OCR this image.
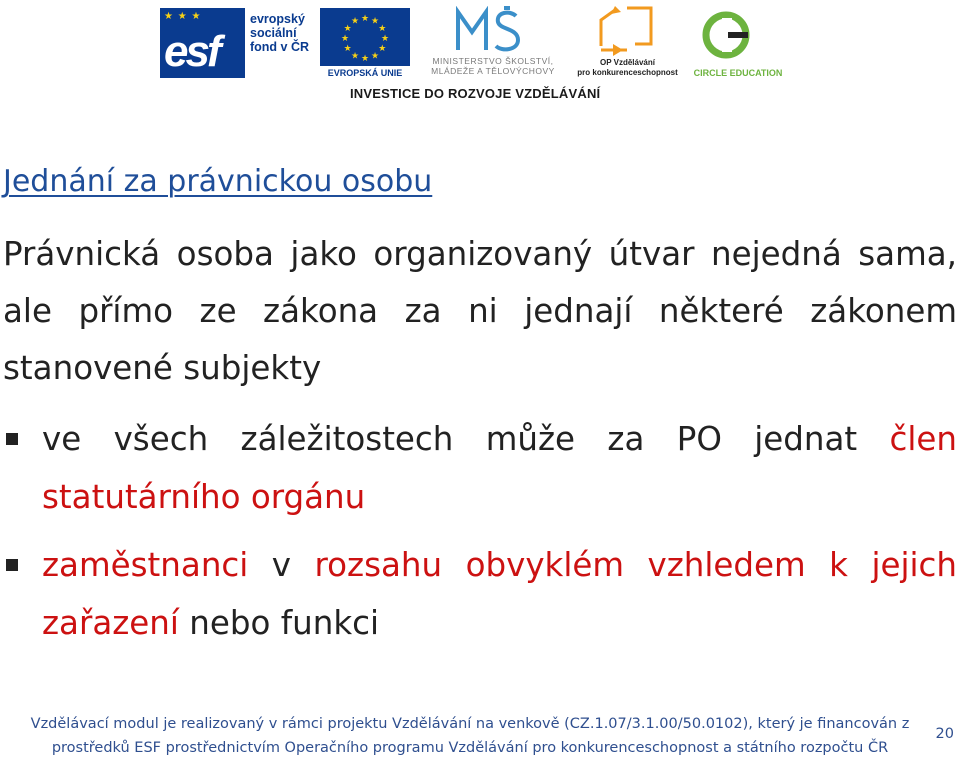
★ ★ ★
esf
evropský
sociální
fond v ČR
★ ★
★
★
★
★
★
★
★
★
★
★
EVROPSKÁ UNIE
MINISTERSTVO ŠKOLSTVÍ,
MLÁDEŽE A TĚLOVÝCHOVY
OP Vzdělávání
pro konkurenceschopnost	CIRCLE EDUCATION
INVESTICE DO ROZVOJE VZDĚLÁVÁNÍ
Jednání za právnickou osobu

Právnická osoba jako organizovaný útvar nejedná sama, ale přímo ze zákona za ni jednají některé zákonem stanovené subjekty

ve všech záležitostech může za PO jednat člen statutárního orgánu
zaměstnanci v rozsahu obvyklém vzhledem k jejich zařazení nebo funkci
Vzdělávací modul je realizovaný v rámci projektu Vzdělávání na venkově (CZ.1.07/3.1.00/50.0102), který je financován z
prostředků ESF prostřednictvím Operačního programu Vzdělávání pro konkurenceschopnost a státního rozpočtu ČR
20
